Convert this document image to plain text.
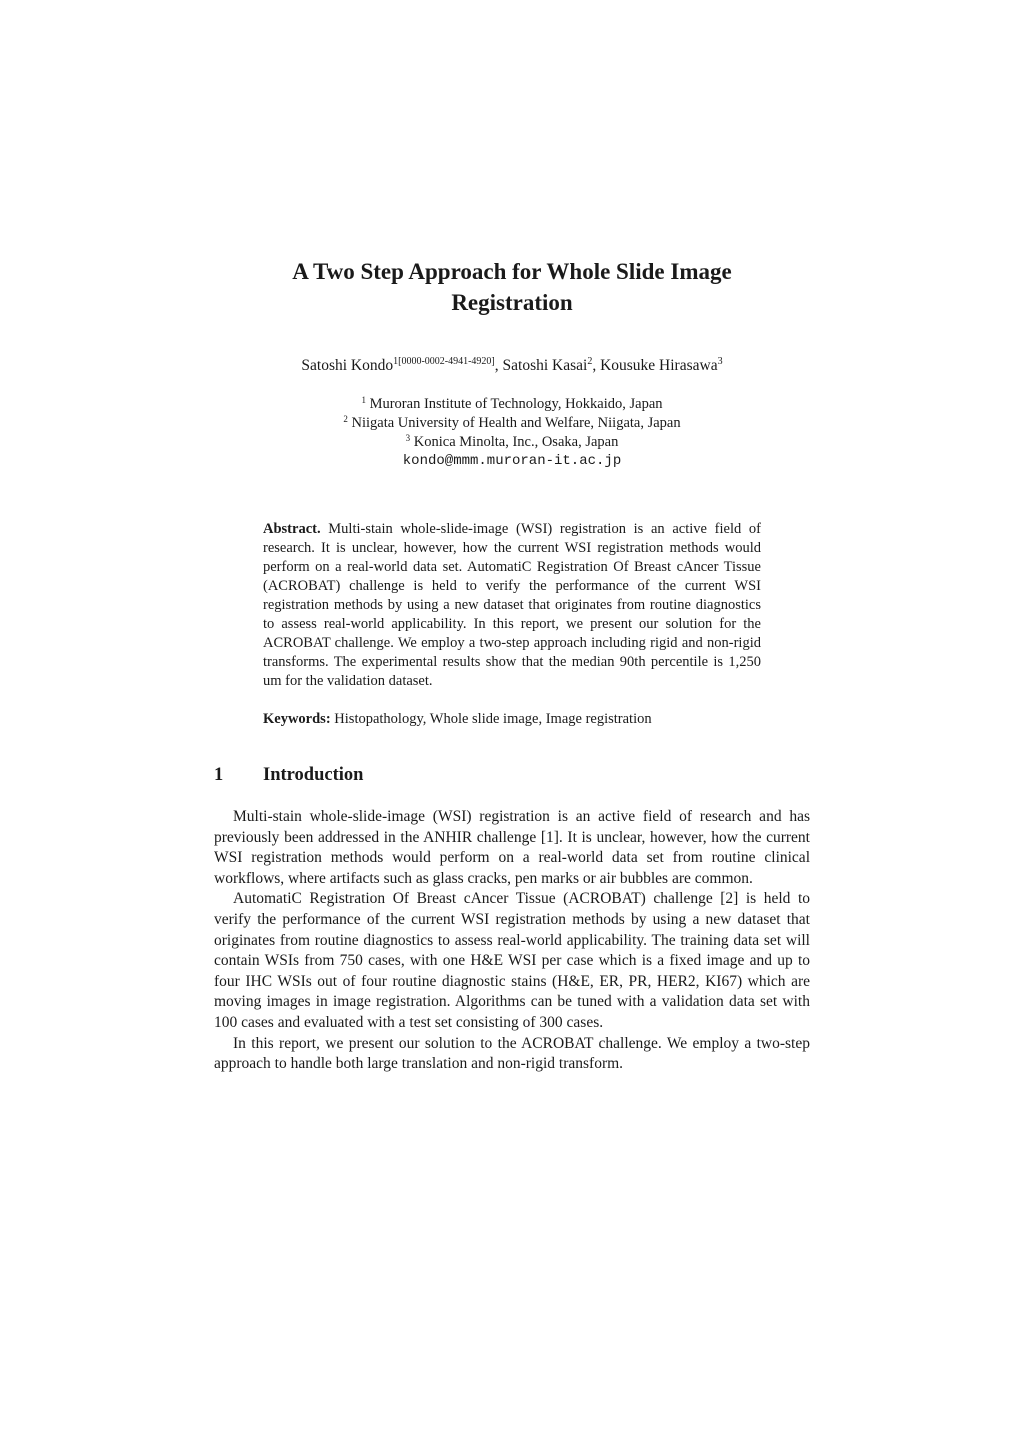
A Two Step Approach for Whole Slide Image
Registration
Satoshi Kondo$^{1[0000-0002-4941-4920]}$, Satoshi Kasai$^2$, Kousuke Hirasawa$^3$
$^1$ Muroran Institute of Technology, Hokkaido, Japan
$^2$ Niigata University of Health and Welfare, Niigata, Japan
$^3$ Konica Minolta, Inc., Osaka, Japan
kondo@mmm.muroran-it.ac.jp
Abstract. Multi-stain whole-slide-image (WSI) registration is an active field of research. It is unclear, however, how the current WSI registration methods would perform on a real-world data set. AutomatiC Registration Of Breast cAncer Tissue (ACROBAT) challenge is held to verify the performance of the current WSI registration methods by using a new dataset that originates from routine diagnostics to assess real-world applicability. In this report, we present our solution for the ACROBAT challenge. We employ a two-step approach including rigid and non-rigid transforms. The experimental results show that the median 90th percentile is 1,250 um for the validation dataset.
Keywords: Histopathology, Whole slide image, Image registration
1 Introduction

Multi-stain whole-slide-image (WSI) registration is an active field of research and has previously been addressed in the ANHIR challenge [1]. It is unclear, however, how the current WSI registration methods would perform on a real-world data set from routine clinical workflows, where artifacts such as glass cracks, pen marks or air bubbles are common.

AutomatiC Registration Of Breast cAncer Tissue (ACROBAT) challenge [2] is held to verify the performance of the current WSI registration methods by using a new dataset that originates from routine diagnostics to assess real-world applicability. The training data set will contain WSIs from 750 cases, with one H&E WSI per case which is a fixed image and up to four IHC WSIs out of four routine diagnostic stains (H&E, ER, PR, HER2, KI67) which are moving images in image registration. Algorithms can be tuned with a validation data set with 100 cases and evaluated with a test set consisting of 300 cases.

In this report, we present our solution to the ACROBAT challenge. We employ a two-step approach to handle both large translation and non-rigid transform.
